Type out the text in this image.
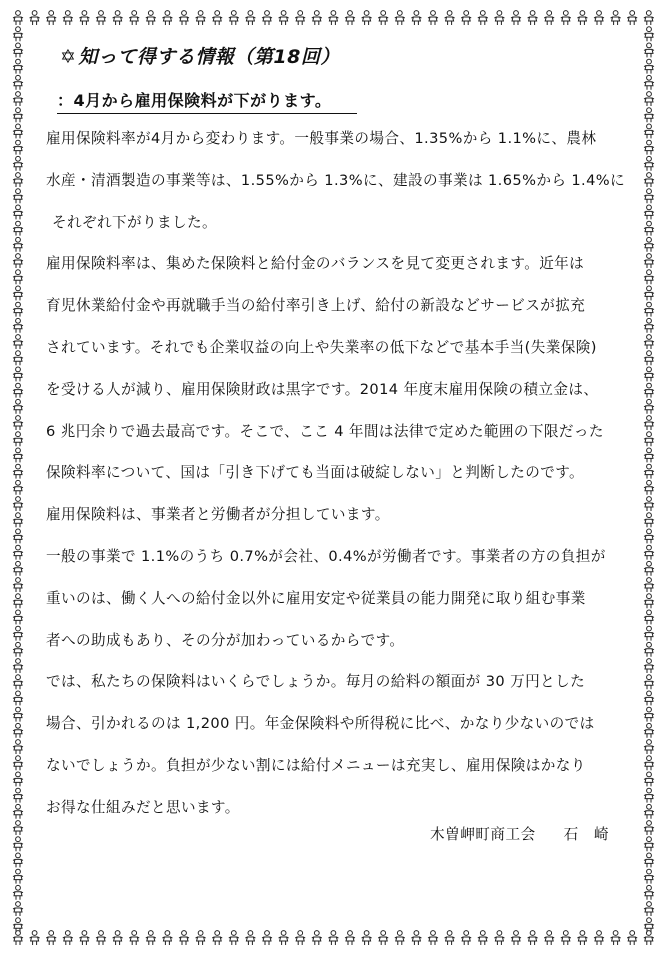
✡ 知って得する情報（第18回）
：4月から雇用保険料が下がります。
雇用保険料率が4月から変わります。一般事業の場合、1.35%から 1.1%に、農林
水産・清酒製造の事業等は、1.55%から 1.3%に、建設の事業は 1.65%から 1.4%に
それぞれ下がりました。
雇用保険料率は、集めた保険料と給付金のバランスを見て変更されます。近年は
育児休業給付金や再就職手当の給付率引き上げ、給付の新設などサービスが拡充
されています。それでも企業収益の向上や失業率の低下などで基本手当(失業保険)
を受ける人が減り、雇用保険財政は黒字です。2014 年度末雇用保険の積立金は、
6 兆円余りで過去最高です。そこで、ここ 4 年間は法律で定めた範囲の下限だった
保険料率について、国は「引き下げても当面は破綻しない」と判断したのです。
雇用保険料は、事業者と労働者が分担しています。
一般の事業で 1.1%のうち 0.7%が会社、0.4%が労働者です。事業者の方の負担が
重いのは、働く人への給付金以外に雇用安定や従業員の能力開発に取り組む事業
者への助成もあり、その分が加わっているからです。
では、私たちの保険料はいくらでしょうか。毎月の給料の額面が 30 万円とした
場合、引かれるのは 1,200 円。年金保険料や所得税に比べ、かなり少ないのでは
ないでしょうか。負担が少ない割には給付メニューは充実し、雇用保険はかなり
お得な仕組みだと思います。
木曽岬町商工会 石　崎
